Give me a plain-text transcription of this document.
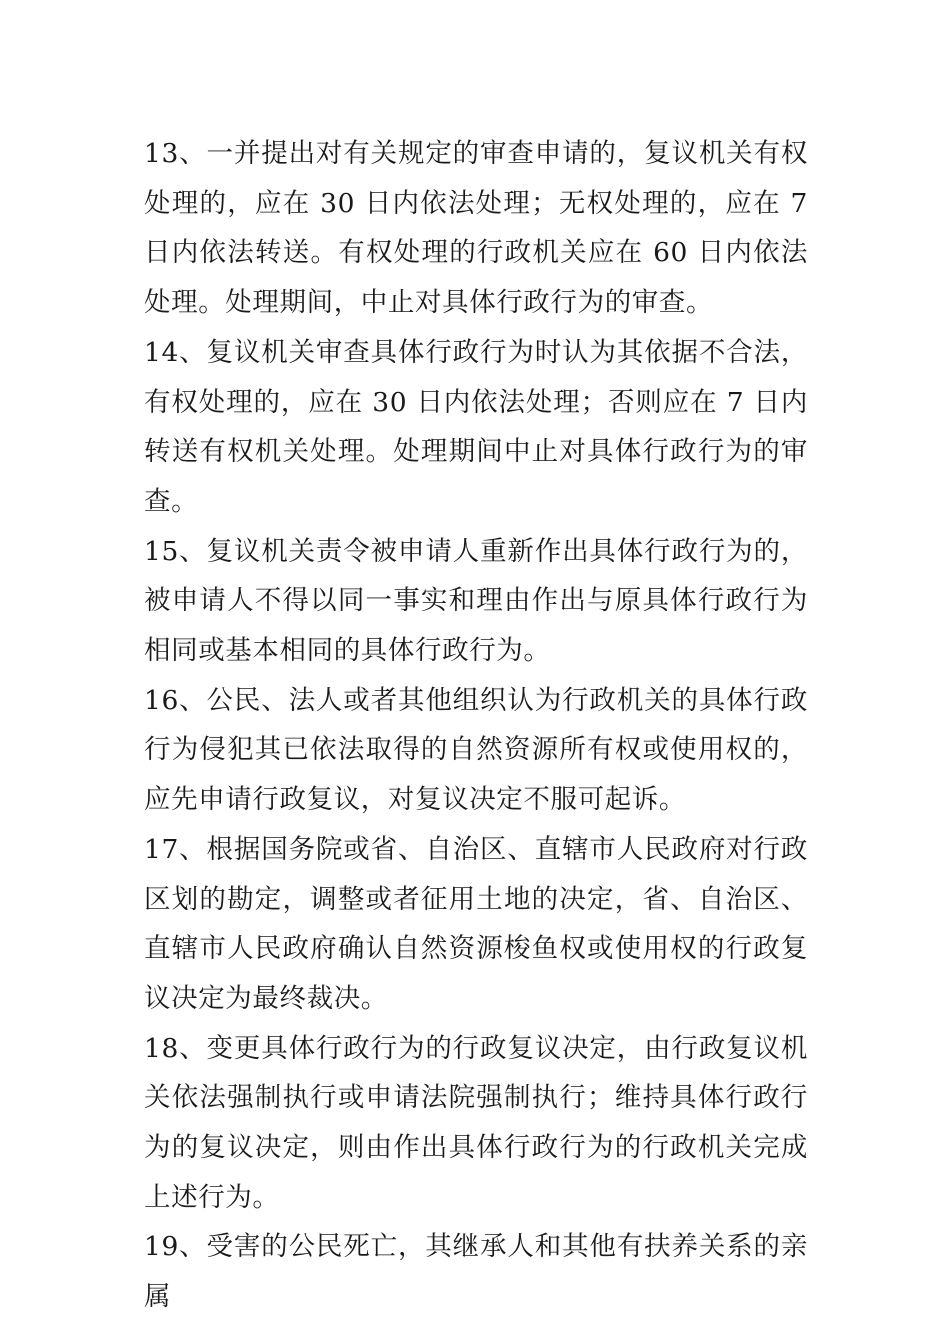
13、一并提出对有关规定的审查申请的，复议机关有权处理的，应在 30 日内依法处理；无权处理的，应在 7 日内依法转送。有权处理的行政机关应在 60 日内依法处理。处理期间，中止对具体行政行为的审查。

14、复议机关审查具体行政行为时认为其依据不合法，有权处理的，应在 30 日内依法处理；否则应在 7 日内转送有权机关处理。处理期间中止对具体行政行为的审查。

15、复议机关责令被申请人重新作出具体行政行为的，被申请人不得以同一事实和理由作出与原具体行政行为相同或基本相同的具体行政行为。

16、公民、法人或者其他组织认为行政机关的具体行政行为侵犯其已依法取得的自然资源所有权或使用权的，应先申请行政复议，对复议决定不服可起诉。

17、根据国务院或省、自治区、直辖市人民政府对行政区划的勘定，调整或者征用土地的决定，省、自治区、直辖市人民政府确认自然资源梭鱼权或使用权的行政复议决定为最终裁决。

18、变更具体行政行为的行政复议决定，由行政复议机关依法强制执行或申请法院强制执行；维持具体行政行为的复议决定，则由作出具体行政行为的行政机关完成上述行为。

19、受害的公民死亡，其继承人和其他有扶养关系的亲属
